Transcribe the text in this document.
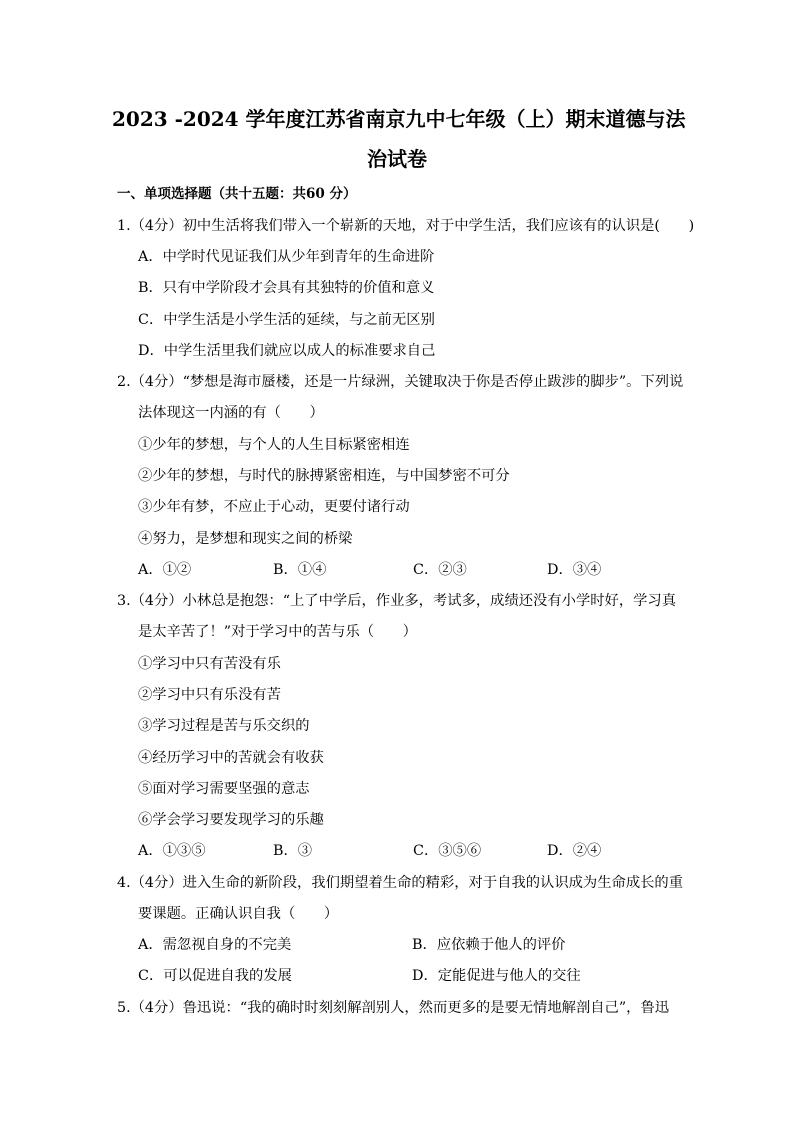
2023 -2024 学年度江苏省南京九中七年级（上）期末道德与法
治试卷
一、单项选择题（共十五题：共60 分）
1.（4分）初中生活将我们带入一个崭新的天地，对于中学生活，我们应该有的认识是(　　)
A．中学时代见证我们从少年到青年的生命进阶
B．只有中学阶段才会具有其独特的价值和意义
C．中学生活是小学生活的延续，与之前无区别
D．中学生活里我们就应以成人的标准要求自己
2.（4分）“梦想是海市蜃楼，还是一片绿洲，关键取决于你是否停止跋涉的脚步”。下列说
法体现这一内涵的有（　　）
①少年的梦想，与个人的人生目标紧密相连
②少年的梦想，与时代的脉搏紧密相连，与中国梦密不可分
③少年有梦，不应止于心动，更要付诸行动
④努力，是梦想和现实之间的桥梁
A．①②	B．①④	C．②③	D．③④
3.（4分）小林总是抱怨：“上了中学后，作业多，考试多，成绩还没有小学时好，学习真
是太辛苦了！”对于学习中的苦与乐（　　）
①学习中只有苦没有乐
②学习中只有乐没有苦
③学习过程是苦与乐交织的
④经历学习中的苦就会有收获
⑤面对学习需要坚强的意志
⑥学会学习要发现学习的乐趣
A．①③⑤	B．③	C．③⑤⑥	D．②④
4.（4分）进入生命的新阶段，我们期望着生命的精彩，对于自我的认识成为生命成长的重
要课题。正确认识自我（　　）
A．需忽视自身的不完美	B．应依赖于他人的评价
C．可以促进自我的发展	D．定能促进与他人的交往
5.（4分）鲁迅说：“我的确时时刻刻解剖别人，然而更多的是要无情地解剖自己”，鲁迅
